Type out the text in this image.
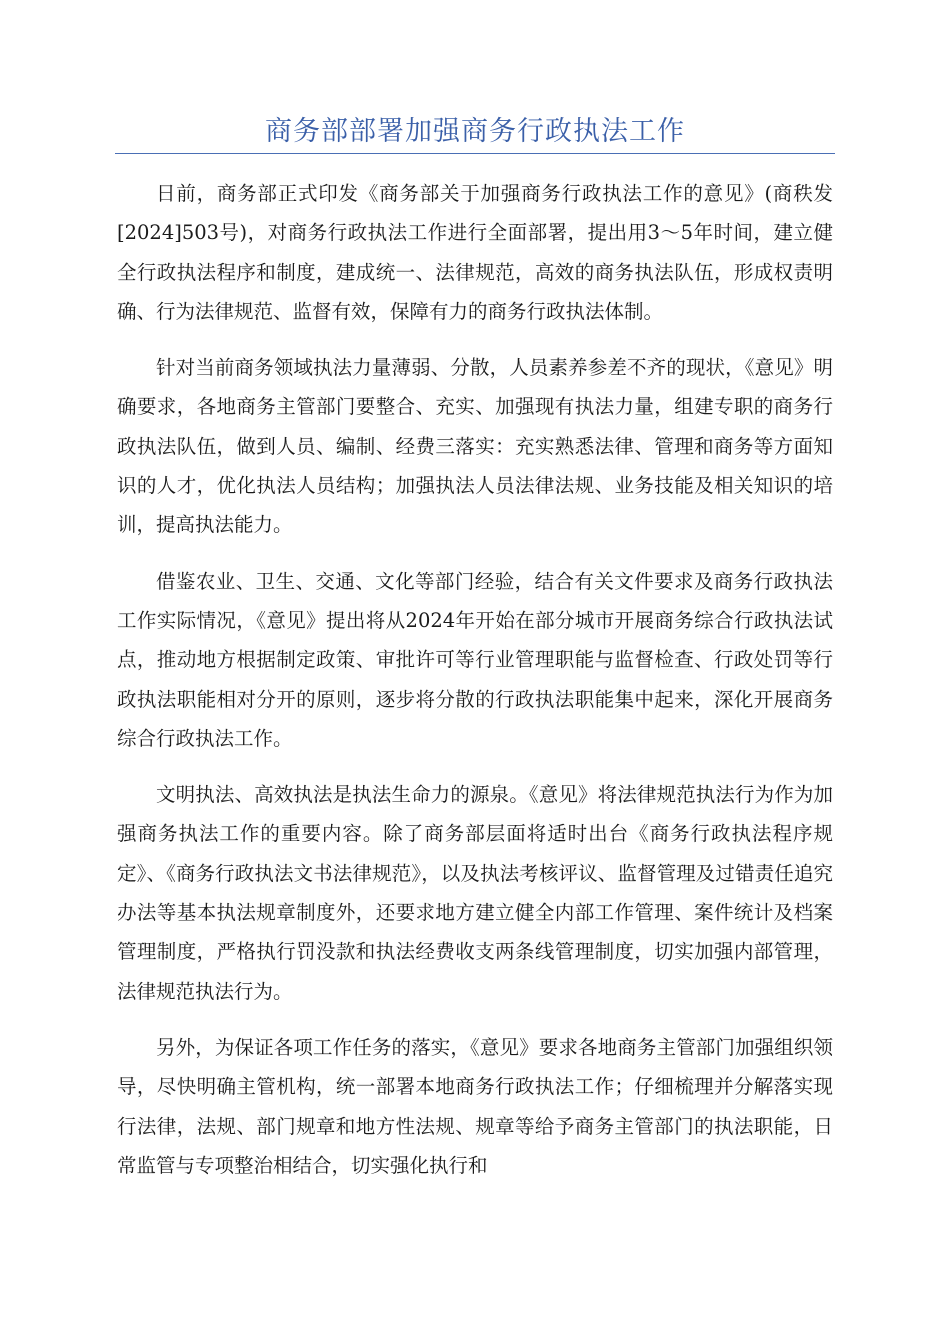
商务部部署加强商务行政执法工作

日前，商务部正式印发《商务部关于加强商务行政执法工作的意见》(商秩发[2024]503号)，对商务行政执法工作进行全面部署，提出用3～5年时间，建立健全行政执法程序和制度，建成统一、法律规范，高效的商务执法队伍，形成权责明确、行为法律规范、监督有效，保障有力的商务行政执法体制。

针对当前商务领域执法力量薄弱、分散，人员素养参差不齐的现状，《意见》明确要求，各地商务主管部门要整合、充实、加强现有执法力量，组建专职的商务行政执法队伍，做到人员、编制、经费三落实：充实熟悉法律、管理和商务等方面知识的人才，优化执法人员结构；加强执法人员法律法规、业务技能及相关知识的培训，提高执法能力。

借鉴农业、卫生、交通、文化等部门经验，结合有关文件要求及商务行政执法工作实际情况，《意见》提出将从2024年开始在部分城市开展商务综合行政执法试点，推动地方根据制定政策、审批许可等行业管理职能与监督检查、行政处罚等行政执法职能相对分开的原则，逐步将分散的行政执法职能集中起来，深化开展商务综合行政执法工作。

文明执法、高效执法是执法生命力的源泉。《意见》将法律规范执法行为作为加强商务执法工作的重要内容。除了商务部层面将适时出台《商务行政执法程序规定》、《商务行政执法文书法律规范》，以及执法考核评议、监督管理及过错责任追究办法等基本执法规章制度外，还要求地方建立健全内部工作管理、案件统计及档案管理制度，严格执行罚没款和执法经费收支两条线管理制度，切实加强内部管理，法律规范执法行为。

另外，为保证各项工作任务的落实，《意见》要求各地商务主管部门加强组织领导，尽快明确主管机构，统一部署本地商务行政执法工作；仔细梳理并分解落实现行法律，法规、部门规章和地方性法规、规章等给予商务主管部门的执法职能，日常监管与专项整治相结合，切实强化执行和
